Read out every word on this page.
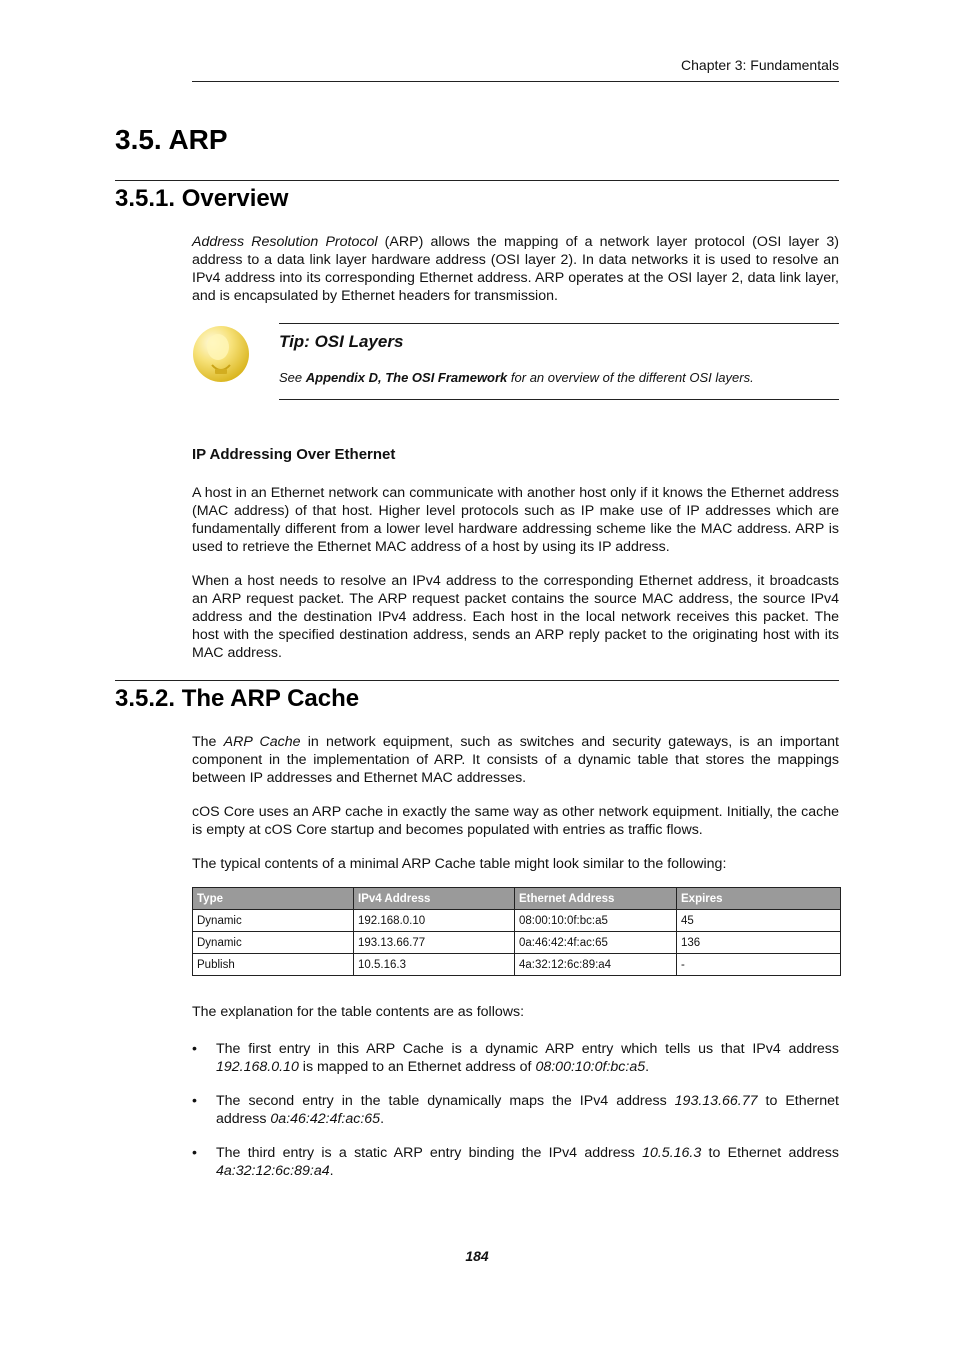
Chapter 3: Fundamentals
3.5. ARP
3.5.1. Overview

Address Resolution Protocol (ARP) allows the mapping of a network layer protocol (OSI layer 3) address to a data link layer hardware address (OSI layer 2). In data networks it is used to resolve an IPv4 address into its corresponding Ethernet address. ARP operates at the OSI layer 2, data link layer, and is encapsulated by Ethernet headers for transmission.

Tip: OSI Layers
See Appendix D, The OSI Framework for an overview of the different OSI layers.
IP Addressing Over Ethernet

A host in an Ethernet network can communicate with another host only if it knows the Ethernet address (MAC address) of that host. Higher level protocols such as IP make use of IP addresses which are fundamentally different from a lower level hardware addressing scheme like the MAC address. ARP is used to retrieve the Ethernet MAC address of a host by using its IP address.

When a host needs to resolve an IPv4 address to the corresponding Ethernet address, it broadcasts an ARP request packet. The ARP request packet contains the source MAC address, the source IPv4 address and the destination IPv4 address. Each host in the local network receives this packet. The host with the specified destination address, sends an ARP reply packet to the originating host with its MAC address.

3.5.2. The ARP Cache

The ARP Cache in network equipment, such as switches and security gateways, is an important component in the implementation of ARP. It consists of a dynamic table that stores the mappings between IP addresses and Ethernet MAC addresses.

cOS Core uses an ARP cache in exactly the same way as other network equipment. Initially, the cache is empty at cOS Core startup and becomes populated with entries as traffic flows.

The typical contents of a minimal ARP Cache table might look similar to the following:

Type	IPv4 Address	Ethernet Address	Expires
Dynamic	192.168.0.10	08:00:10:0f:bc:a5	45
Dynamic	193.13.66.77	0a:46:42:4f:ac:65	136
Publish	10.5.16.3	4a:32:12:6c:89:a4	-

The explanation for the table contents are as follows:

• The first entry in this ARP Cache is a dynamic ARP entry which tells us that IPv4 address 192.168.0.10 is mapped to an Ethernet address of 08:00:10:0f:bc:a5.
• The second entry in the table dynamically maps the IPv4 address 193.13.66.77 to Ethernet address 0a:46:42:4f:ac:65.
• The third entry is a static ARP entry binding the IPv4 address 10.5.16.3 to Ethernet address 4a:32:12:6c:89:a4.
184
